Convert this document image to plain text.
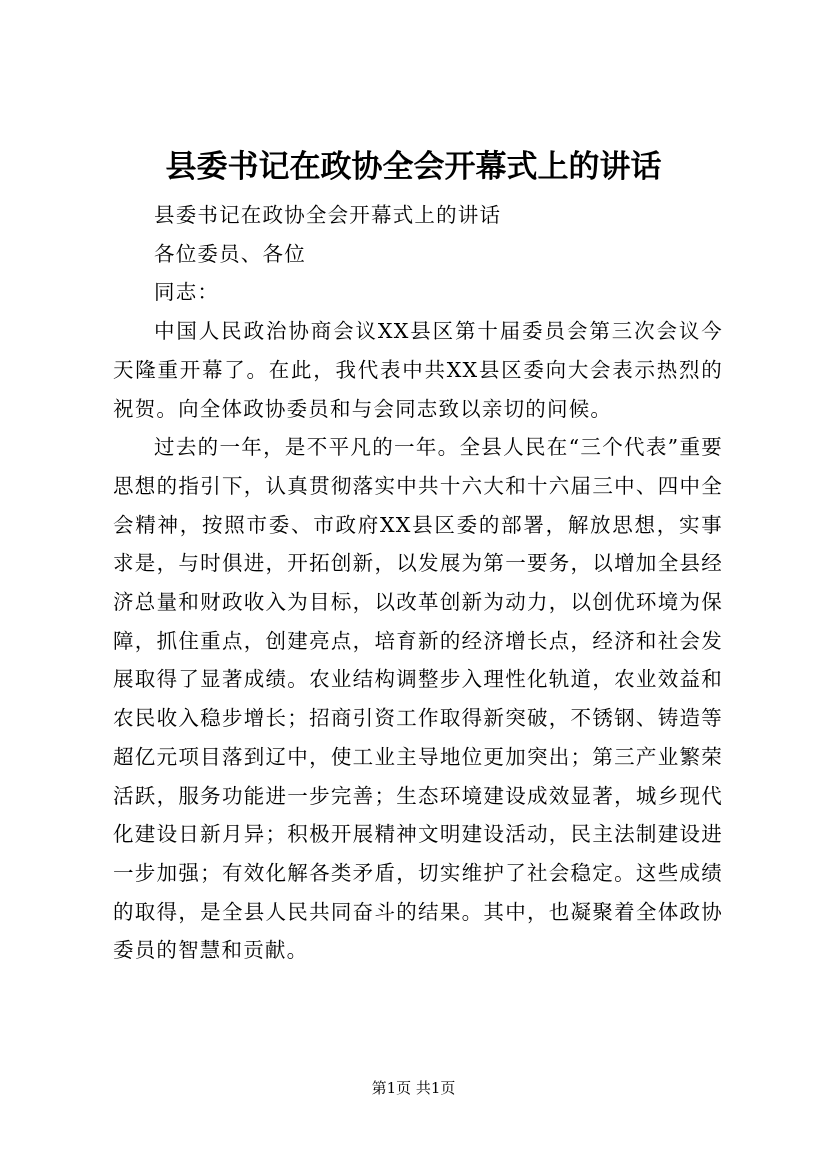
县委书记在政协全会开幕式上的讲话

县委书记在政协全会开幕式上的讲话

各位委员、各位

同志：

中国人民政治协商会议XX县区第十届委员会第三次会议今天隆重开幕了。在此，我代表中共XX县区委向大会表示热烈的祝贺。向全体政协委员和与会同志致以亲切的问候。

过去的一年，是不平凡的一年。全县人民在“三个代表”重要思想的指引下，认真贯彻落实中共十六大和十六届三中、四中全会精神，按照市委、市政府XX县区委的部署，解放思想，实事求是，与时俱进，开拓创新，以发展为第一要务，以增加全县经济总量和财政收入为目标，以改革创新为动力，以创优环境为保障，抓住重点，创建亮点，培育新的经济增长点，经济和社会发展取得了显著成绩。农业结构调整步入理性化轨道，农业效益和农民收入稳步增长；招商引资工作取得新突破，不锈钢、铸造等超亿元项目落到辽中，使工业主导地位更加突出；第三产业繁荣活跃，服务功能进一步完善；生态环境建设成效显著，城乡现代化建设日新月异；积极开展精神文明建设活动，民主法制建设进一步加强；有效化解各类矛盾，切实维护了社会稳定。这些成绩的取得，是全县人民共同奋斗的结果。其中，也凝聚着全体政协委员的智慧和贡献。

第1页 共1页
